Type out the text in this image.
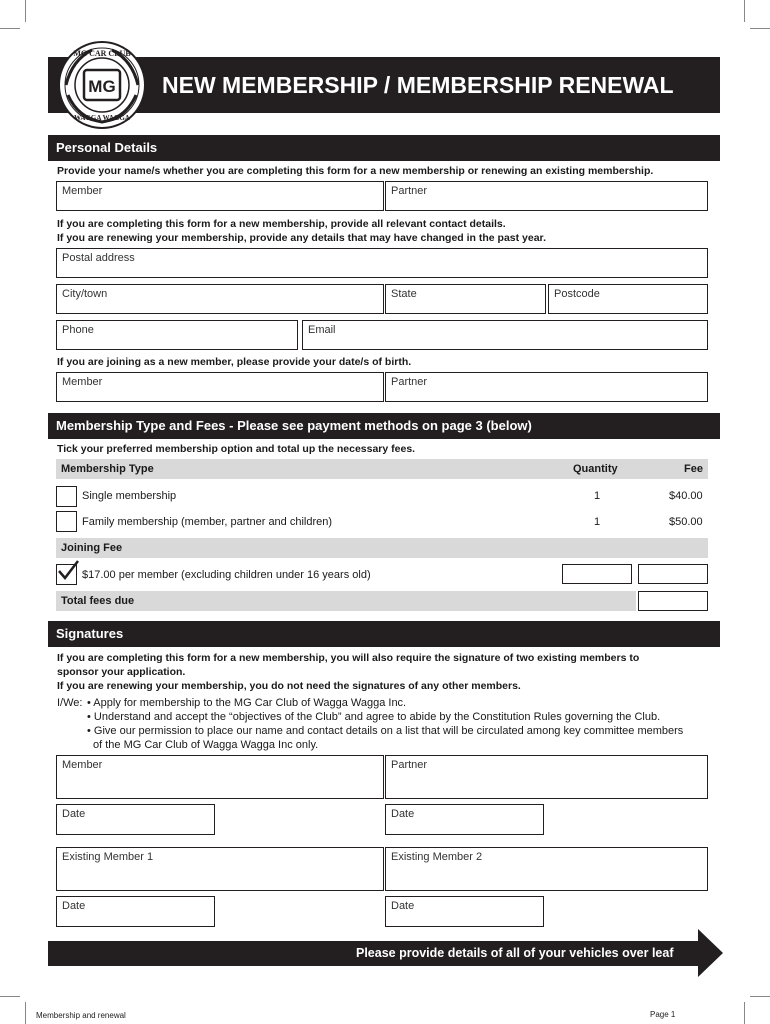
NEW MEMBERSHIP / MEMBERSHIP RENEWAL
MG
MG CAR CLUB
WAGGA WAGGA
Personal Details
Provide your name/s whether you are completing this form for a new membership or renewing an existing membership.
Member	Partner
If you are completing this form for a new membership, provide all relevant contact details.
If you are renewing your membership, provide any details that may have changed in the past year.
Postal address
City/town	State	Postcode
Phone	Email
If you are joining as a new member, please provide your date/s of birth.
Member	Partner
Membership Type and Fees - Please see payment methods on page 3 (below)
Tick your preferred membership option and total up the necessary fees.
Membership Type	Quantity	Fee
Single membership	1	$40.00
Family membership (member, partner and children)	1	$50.00
Joining Fee
$17.00 per member (excluding children under 16 years old)
Total fees due
Signatures
If you are completing this form for a new membership, you will also require the signature of two existing members to
sponsor your application.
If you are renewing your membership, you do not need the signatures of any other members.
I/We: • Apply for membership to the MG Car Club of Wagga Wagga Inc.
• Understand and accept the “objectives of the Club” and agree to abide by the Constitution Rules governing the Club.
• Give our permission to place our name and contact details on a list that will be circulated among key committee members
of the MG Car Club of Wagga Wagga Inc only.
Member	Partner
Date	Date
Existing Member 1	Existing Member 2
Date	Date
Please provide details of all of your vehicles over leaf
Membership and renewal	Page 1
